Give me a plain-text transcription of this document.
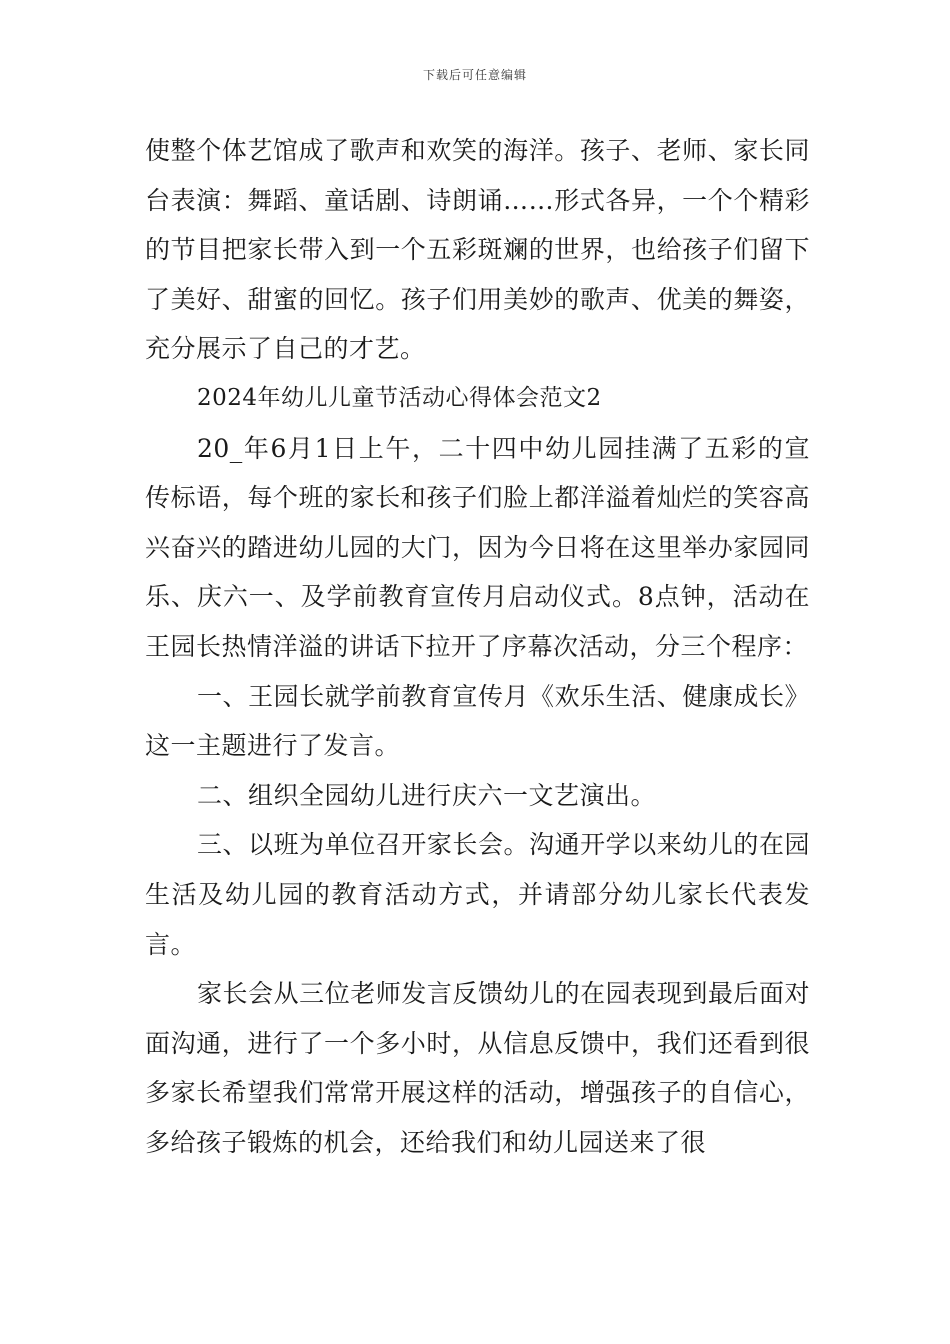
下载后可任意编辑

使整个体艺馆成了歌声和欢笑的海洋。孩子、老师、家长同台表演：舞蹈、童话剧、诗朗诵……形式各异，一个个精彩的节目把家长带入到一个五彩斑斓的世界，也给孩子们留下了美好、甜蜜的回忆。孩子们用美妙的歌声、优美的舞姿，充分展示了自己的才艺。

2024年幼儿儿童节活动心得体会范文2

20_年6月1日上午，二十四中幼儿园挂满了五彩的宣传标语，每个班的家长和孩子们脸上都洋溢着灿烂的笑容高兴奋兴的踏进幼儿园的大门，因为今日将在这里举办家园同乐、庆六一、及学前教育宣传月启动仪式。8点钟，活动在王园长热情洋溢的讲话下拉开了序幕次活动，分三个程序：

一、王园长就学前教育宣传月《欢乐生活、健康成长》这一主题进行了发言。

二、组织全园幼儿进行庆六一文艺演出。

三、以班为单位召开家长会。沟通开学以来幼儿的在园生活及幼儿园的教育活动方式，并请部分幼儿家长代表发言。

家长会从三位老师发言反馈幼儿的在园表现到最后面对面沟通，进行了一个多小时，从信息反馈中，我们还看到很多家长希望我们常常开展这样的活动，增强孩子的自信心，多给孩子锻炼的机会，还给我们和幼儿园送来了很
